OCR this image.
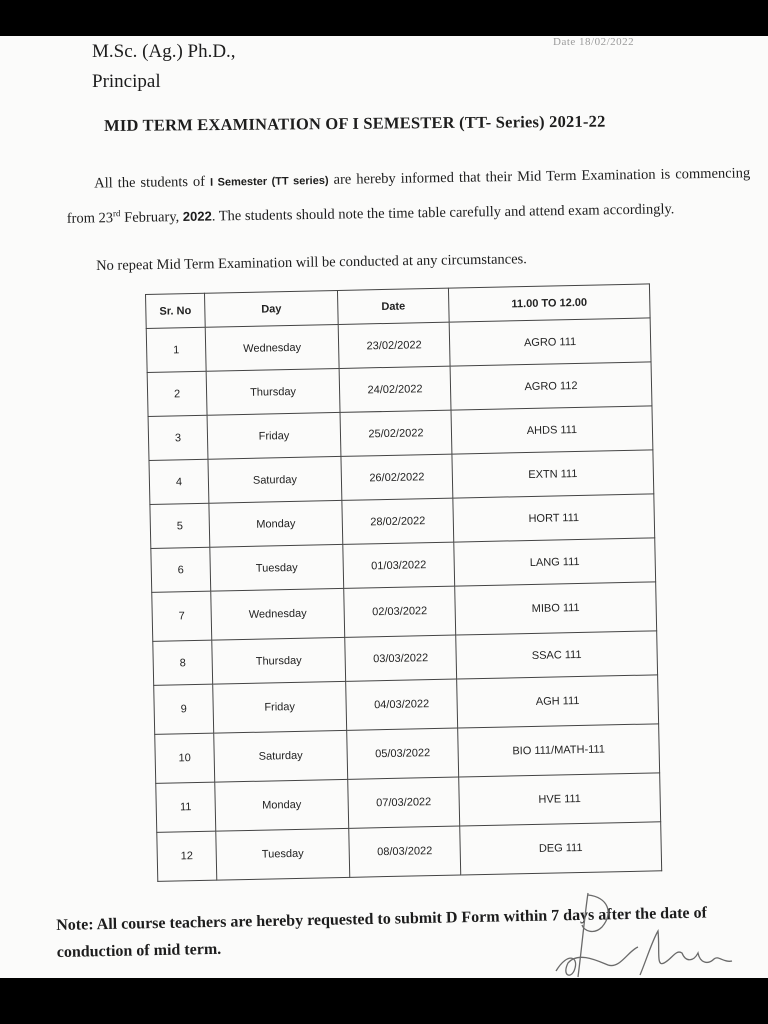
Date 18/02/2022
M.Sc. (Ag.) Ph.D.,
Principal
MID TERM EXAMINATION OF I SEMESTER (TT- Series) 2021-22
All the students of I Semester (TT series) are hereby informed that their Mid Term Examination is commencing from 23rd February, 2022. The students should note the time table carefully and attend exam accordingly.
No repeat Mid Term Examination will be conducted at any circumstances.
Sr. No	Day	Date	11.00 TO 12.00
1	Wednesday	23/02/2022	AGRO 111
2	Thursday	24/02/2022	AGRO 112
3	Friday	25/02/2022	AHDS 111
4	Saturday	26/02/2022	EXTN 111
5	Monday	28/02/2022	HORT 111
6	Tuesday	01/03/2022	LANG 111
7	Wednesday	02/03/2022	MIBO 111
8	Thursday	03/03/2022	SSAC 111
9	Friday	04/03/2022	AGH 111
10	Saturday	05/03/2022	BIO 111/MATH-111
11	Monday	07/03/2022	HVE 111
12	Tuesday	08/03/2022	DEG 111
Note: All course teachers are hereby requested to submit D Form within 7 days after the date of conduction of mid term.
